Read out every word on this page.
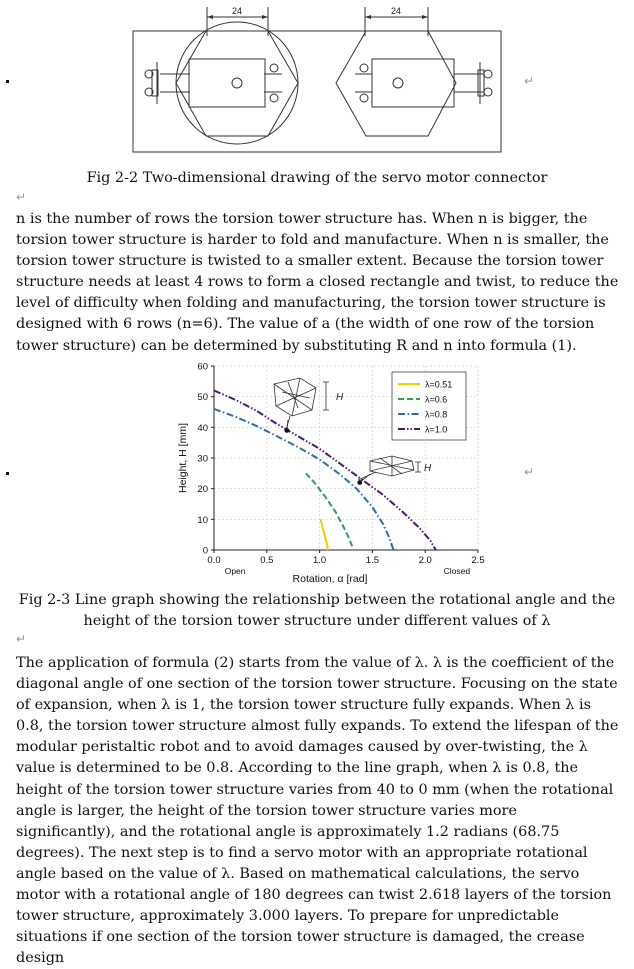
24	24
↵

Fig 2-2 Two-dimensional drawing of the servo motor connector

↵

n is the number of rows the torsion tower structure has. When n is bigger, the torsion tower structure is harder to fold and manufacture. When n is smaller, the torsion tower structure is twisted to a smaller extent. Because the torsion tower structure needs at least 4 rows to form a closed rectangle and twist, to reduce the level of difficulty when folding and manufacturing, the torsion tower structure is designed with 6 rows (n=6). The value of a (the width of one row of the torsion tower structure) can be determined by substituting R and n into formula (1).

0.0	0.5	1.0	1.5	2.0	2.5
0
10
20
30
40
50
60
Open	Closed
H
H
λ=0.51
λ=0.6
λ=0.8
λ=1.0
Rotation, α [rad]
Height, H [mm]	↵

Fig 2-3 Line graph showing the relationship between the rotational angle and the height of the torsion tower structure under different values of λ

↵

The application of formula (2) starts from the value of λ. λ is the coefficient of the diagonal angle of one section of the torsion tower structure. Focusing on the state of expansion, when λ is 1, the torsion tower structure fully expands. When λ is 0.8, the torsion tower structure almost fully expands. To extend the lifespan of the modular peristaltic robot and to avoid damages caused by over-twisting, the λ value is determined to be 0.8. According to the line graph, when λ is 0.8, the height of the torsion tower structure varies from 40 to 0 mm (when the rotational angle is larger, the height of the torsion tower structure varies more significantly), and the rotational angle is approximately 1.2 radians (68.75 degrees). The next step is to find a servo motor with an appropriate rotational angle based on the value of λ. Based on mathematical calculations, the servo motor with a rotational angle of 180 degrees can twist 2.618 layers of the torsion tower structure, approximately 3.000 layers. To prepare for unpredictable situations if one section of the torsion tower structure is damaged, the crease design
